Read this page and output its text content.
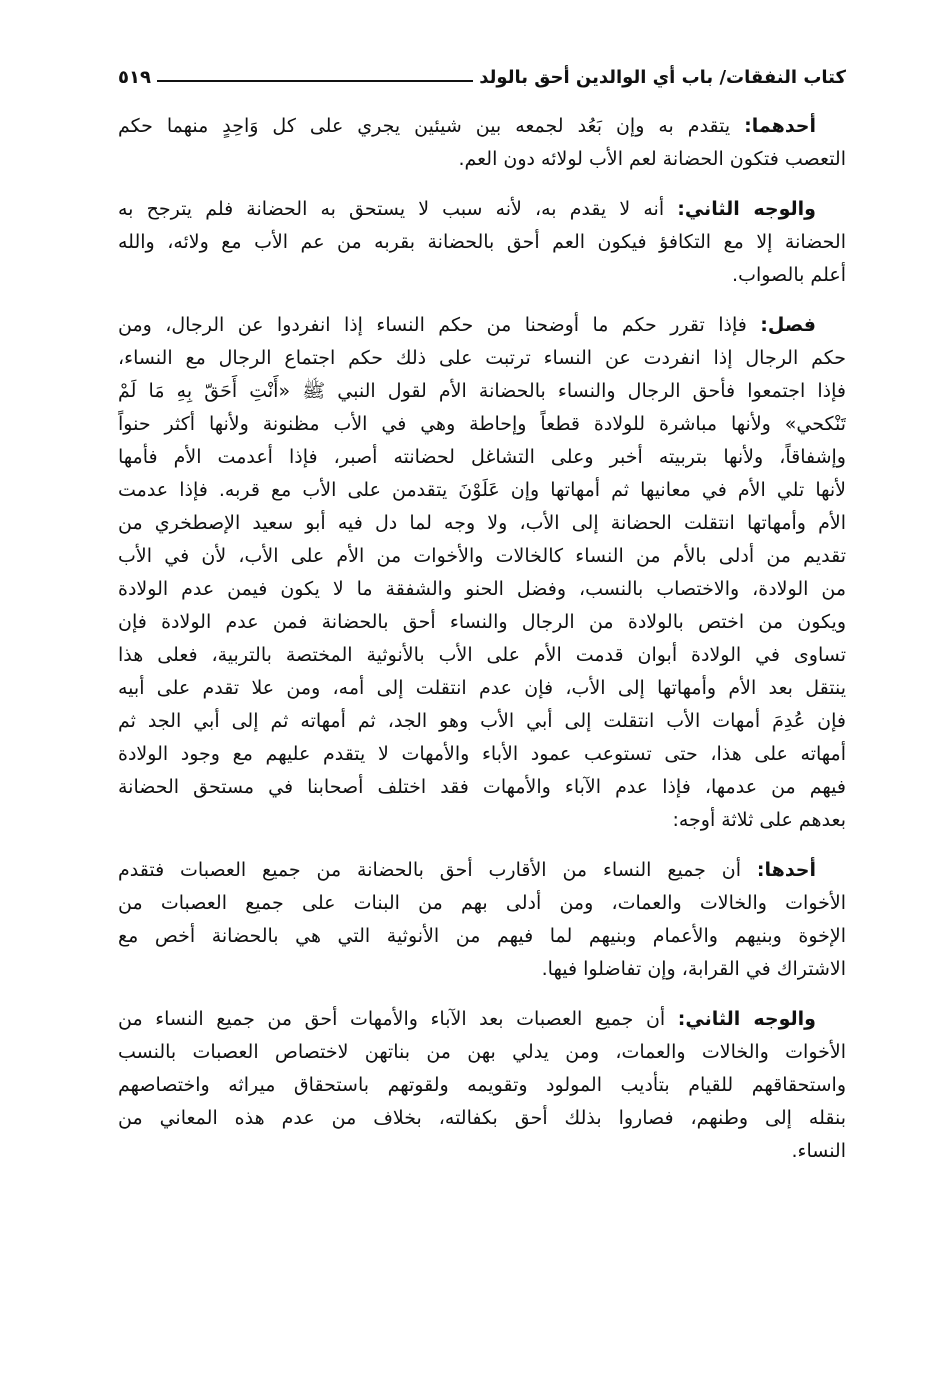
كتاب النفقات/ باب أي الوالدين أحق بالولد
٥١٩
أحدهما: يتقدم به وإن بَعُد لجمعه بين شيئين يجري على كل وَاحِدٍ منهما حكم
التعصب فتكون الحضانة لعم الأب لولائه دون العم.
والوجه الثاني: أنه لا يقدم به، لأنه سبب لا يستحق به الحضانة فلم يترجح به
الحضانة إلا مع التكافؤ فيكون العم أحق بالحضانة بقربه من عم الأب مع ولائه، والله
أعلم بالصواب.
فصل: فإذا تقرر حكم ما أوضحنا من حكم النساء إذا انفردوا عن الرجال، ومن
حكم الرجال إذا انفردت عن النساء ترتبت على ذلك حكم اجتماع الرجال مع النساء،
فإذا اجتمعوا فأحق الرجال والنساء بالحضانة الأم لقول النبي ﷺ «أَنْتِ أَحَقّ بِهِ مَا لَمْ
تَنْكحي» ولأنها مباشرة للولادة قطعاً وإحاطة وهي في الأب مظنونة ولأنها أكثر حنواً
وإشفاقاً، ولأنها بتربيته أخبر وعلى التشاغل لحضانته أصبر، فإذا أعدمت الأم فأمها
لأنها تلي الأم في معانيها ثم أمهاتها وإن عَلَوْنَ يتقدمن على الأب مع قربه. فإذا عدمت
الأم وأمهاتها انتقلت الحضانة إلى الأب، ولا وجه لما دل فيه أبو سعيد الإصطخري من
تقديم من أدلى بالأم من النساء كالخالات والأخوات من الأم على الأب، لأن في الأب
من الولادة، والاختصاب بالنسب، وفضل الحنو والشفقة ما لا يكون فيمن عدم الولادة
ويكون من اختص بالولادة من الرجال والنساء أحق بالحضانة فمن عدم الولادة فإن
تساوى في الولادة أبوان قدمت الأم على الأب بالأنوثية المختصة بالتربية، فعلى هذا
ينتقل بعد الأم وأمهاتها إلى الأب، فإن عدم انتقلت إلى أمه، ومن علا تقدم على أبيه
فإن عُدِمَ أمهات الأب انتقلت إلى أبي الأب وهو الجد، ثم أمهاته ثم إلى أبي الجد ثم
أمهاته على هذا، حتى تستوعب عمود الأباء والأمهات لا يتقدم عليهم مع وجود الولادة
فيهم من عدمها، فإذا عدم الآباء والأمهات فقد اختلف أصحابنا في مستحق الحضانة
بعدهم على ثلاثة أوجه:
أحدها: أن جميع النساء من الأقارب أحق بالحضانة من جميع العصبات فتقدم
الأخوات والخالات والعمات، ومن أدلى بهم من البنات على جميع العصبات من
الإخوة وبنيهم والأعمام وبنيهم لما فيهم من الأنوثية التي هي بالحضانة أخص مع
الاشتراك في القرابة، وإن تفاضلوا فيها.
والوجه الثاني: أن جميع العصبات بعد الآباء والأمهات أحق من جميع النساء من
الأخوات والخالات والعمات، ومن يدلي بهن من بناتهن لاختصاص العصبات بالنسب
واستحقاقهم للقيام بتأديب المولود وتقويمه ولقوتهم باستحقاق ميراثه واختصاصهم
بنقله إلى وطنهم، فصاروا بذلك أحق بكفالته، بخلاف من عدم هذه المعاني من
النساء.
